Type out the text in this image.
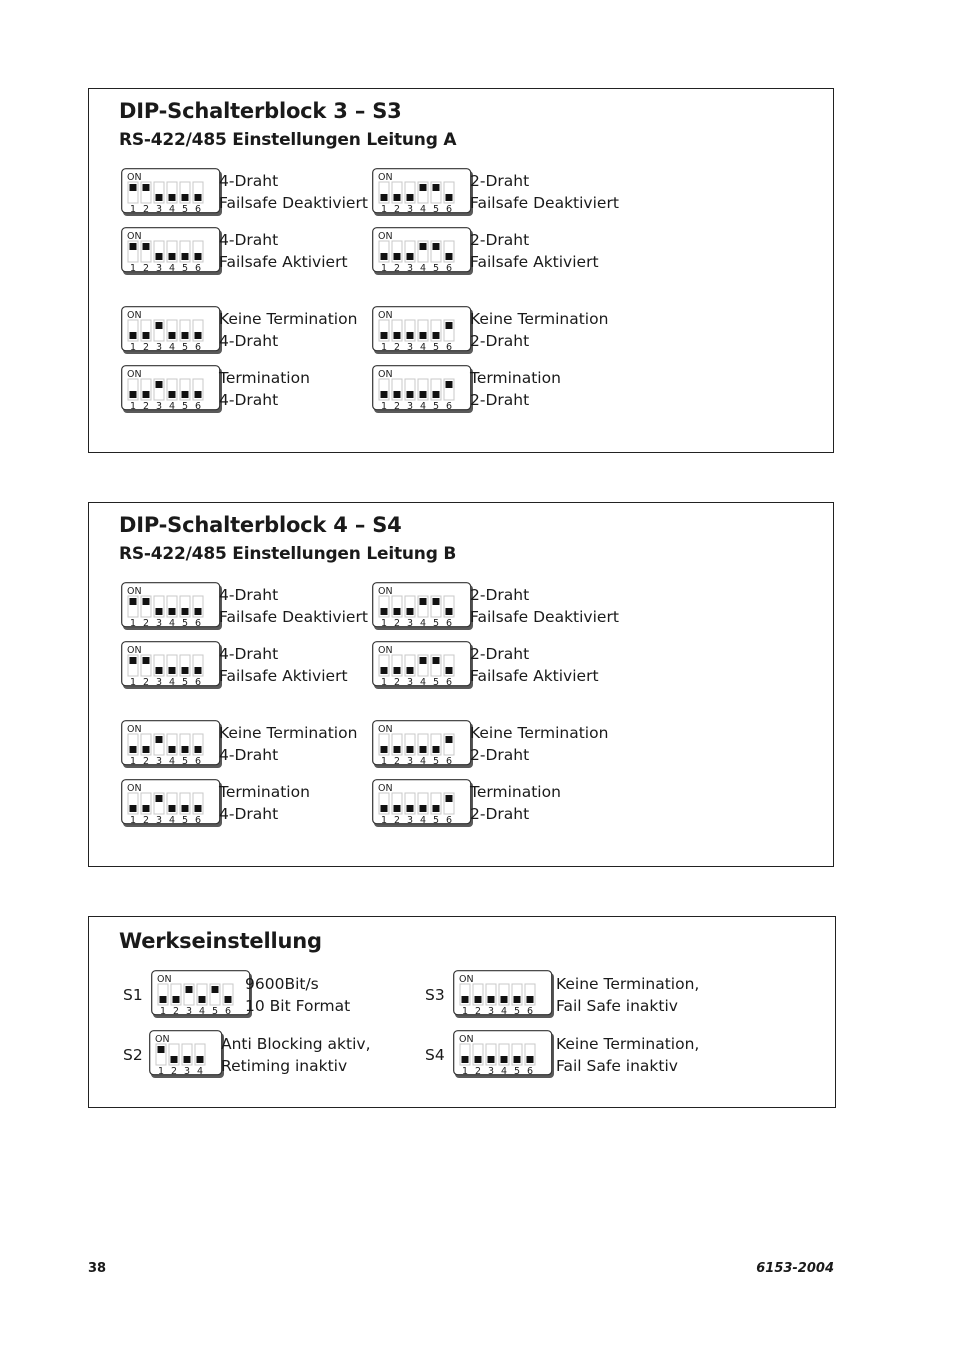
DIP-Schalterblock 3 – S3
RS-422/485 Einstellungen Leitung A
ON
1 2 3 4 5 6
4-Draht
Failsafe Deaktiviert
ON
1 2 3 4 5 6
2-Draht
Failsafe Deaktiviert
ON
1 2 3 4 5 6
4-Draht
Failsafe Aktiviert
ON
1 2 3 4 5 6
2-Draht
Failsafe Aktiviert
ON
1 2 3 4 5 6
Keine Termination
4-Draht
ON
1 2 3 4 5 6
Keine Termination
2-Draht
ON
1 2 3 4 5 6
Termination
4-Draht
ON
1 2 3 4 5 6
Termination
2-Draht
DIP-Schalterblock 4 – S4
RS-422/485 Einstellungen Leitung B
ON
1 2 3 4 5 6
4-Draht
Failsafe Deaktiviert
ON
1 2 3 4 5 6
2-Draht
Failsafe Deaktiviert
ON
1 2 3 4 5 6
4-Draht
Failsafe Aktiviert
ON
1 2 3 4 5 6
2-Draht
Failsafe Aktiviert
ON
1 2 3 4 5 6
Keine Termination
4-Draht
ON
1 2 3 4 5 6
Keine Termination
2-Draht
ON
1 2 3 4 5 6
Termination
4-Draht
ON
1 2 3 4 5 6
Termination
2-Draht
Werkseinstellung
S1
ON
1 2 3 4 5 6
9600Bit/s
10 Bit Format
S3
ON
1 2 3 4 5 6
Keine Termination,
Fail Safe inaktiv
S2
ON
1 2 3 4
Anti Blocking aktiv,
Retiming inaktiv
S4
ON
1 2 3 4 5 6
Keine Termination,
Fail Safe inaktiv
38	6153-2004
